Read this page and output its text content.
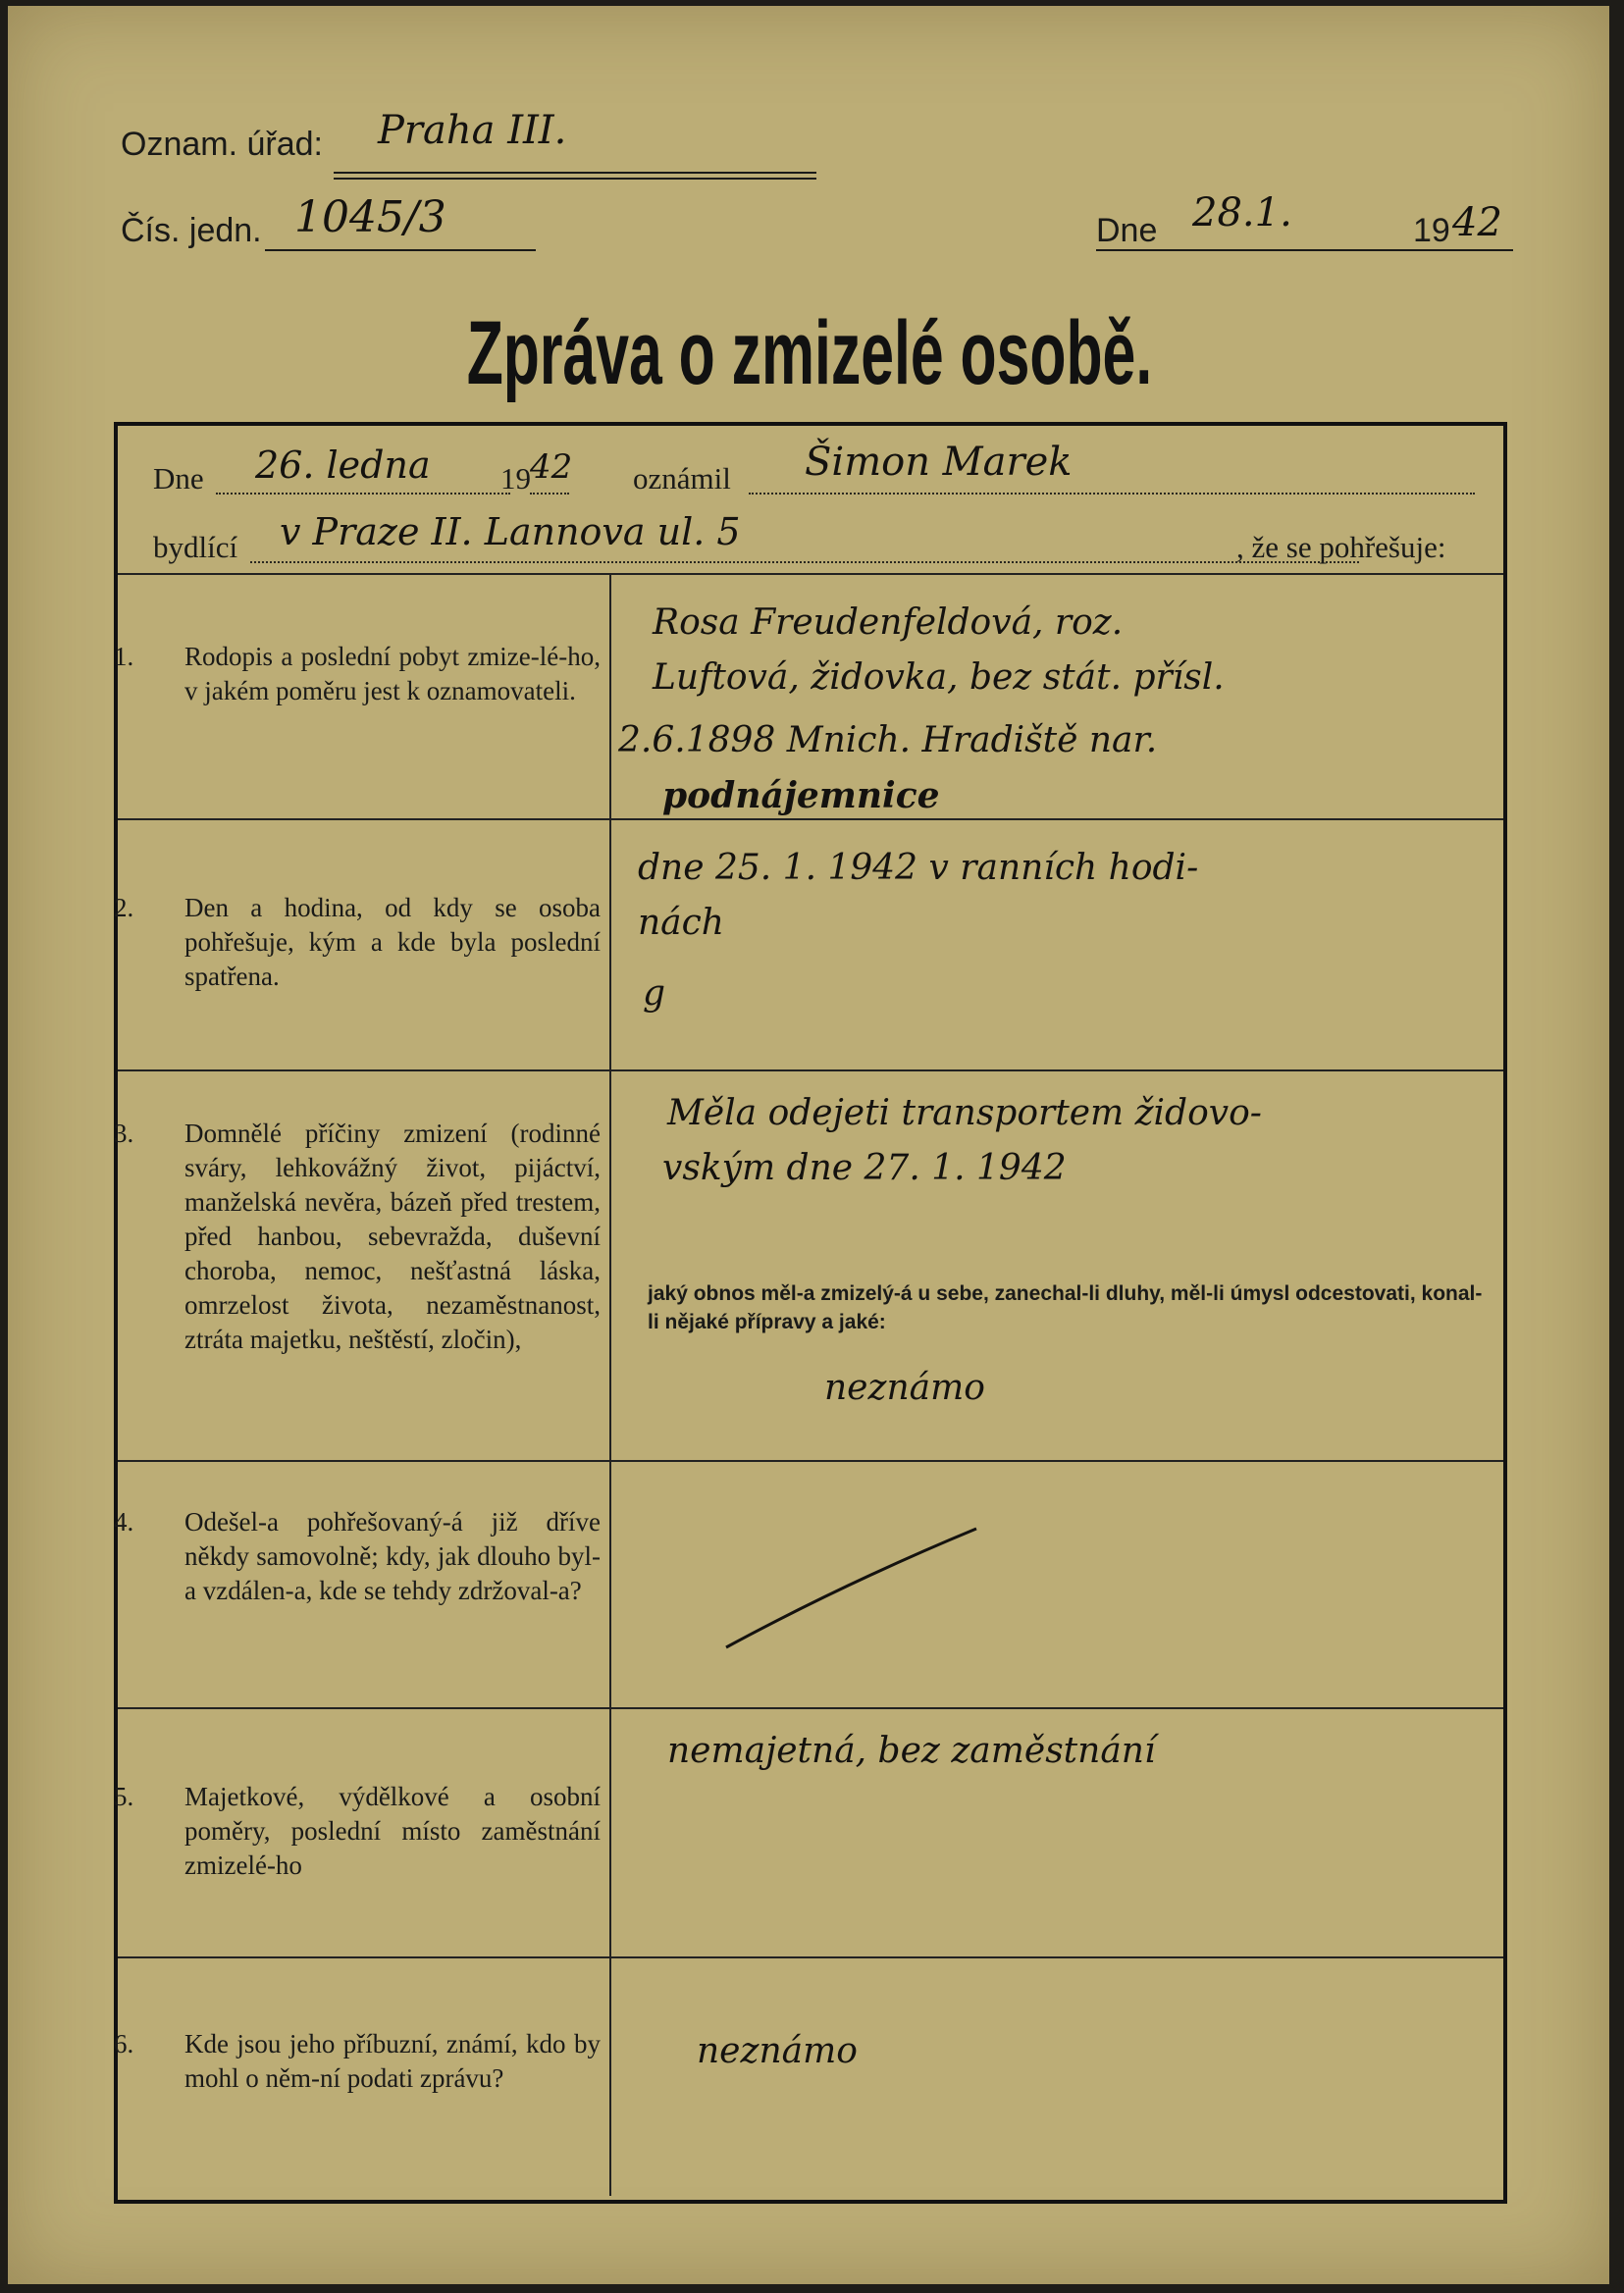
Oznam. úřad: Praha III.
Čís. jedn. 1045/3	Dne 28.1.	19 42
Zpráva o zmizelé osobě.
Dne 26. ledna 19 42 oznámil Šimon Marek
bydlící v Praze II. Lannova ul. 5	, že se pohřešuje:

1. Rodopis a poslední pobyt zmize-lé-ho, v jakém poměru jest k oznamovateli.

Rosa Freudenfeldová, roz.
Luftová, židovka, bez stát. přísl.
2.6.1898 Mnich. Hradiště nar.
podnájemnice

2. Den a hodina, od kdy se osoba pohřešuje, kým a kde byla poslední spatřena.

dne 25. 1. 1942 v ranních hodi-
nách
g

3. Domnělé příčiny zmizení (rodinné sváry, lehkovážný život, pijáctví, manželská nevěra, bázeň před trestem, před hanbou, sebevražda, duševní choroba, nemoc, nešťastná láska, omrzelost života, nezaměstnanost, ztráta majetku, neštěstí, zločin),

Měla odejeti transportem židovo-
vským dne 27. 1. 1942
jaký obnos měl-a zmizelý-á u sebe, zanechal-li dluhy, měl-li úmysl odcestovati, konal-li nějaké přípravy a jaké:
neznámo

4. Odešel-a pohřešovaný-á již dříve někdy samovolně; kdy, jak dlouho byl-a vzdálen-a, kde se tehdy zdržoval-a?

5. Majetkové, výdělkové a osobní poměry, poslední místo zaměstnání zmizelé-ho

nemajetná, bez zaměstnání

6. Kde jsou jeho příbuzní, známí, kdo by mohl o něm-ní podati zprávu?

neznámo
